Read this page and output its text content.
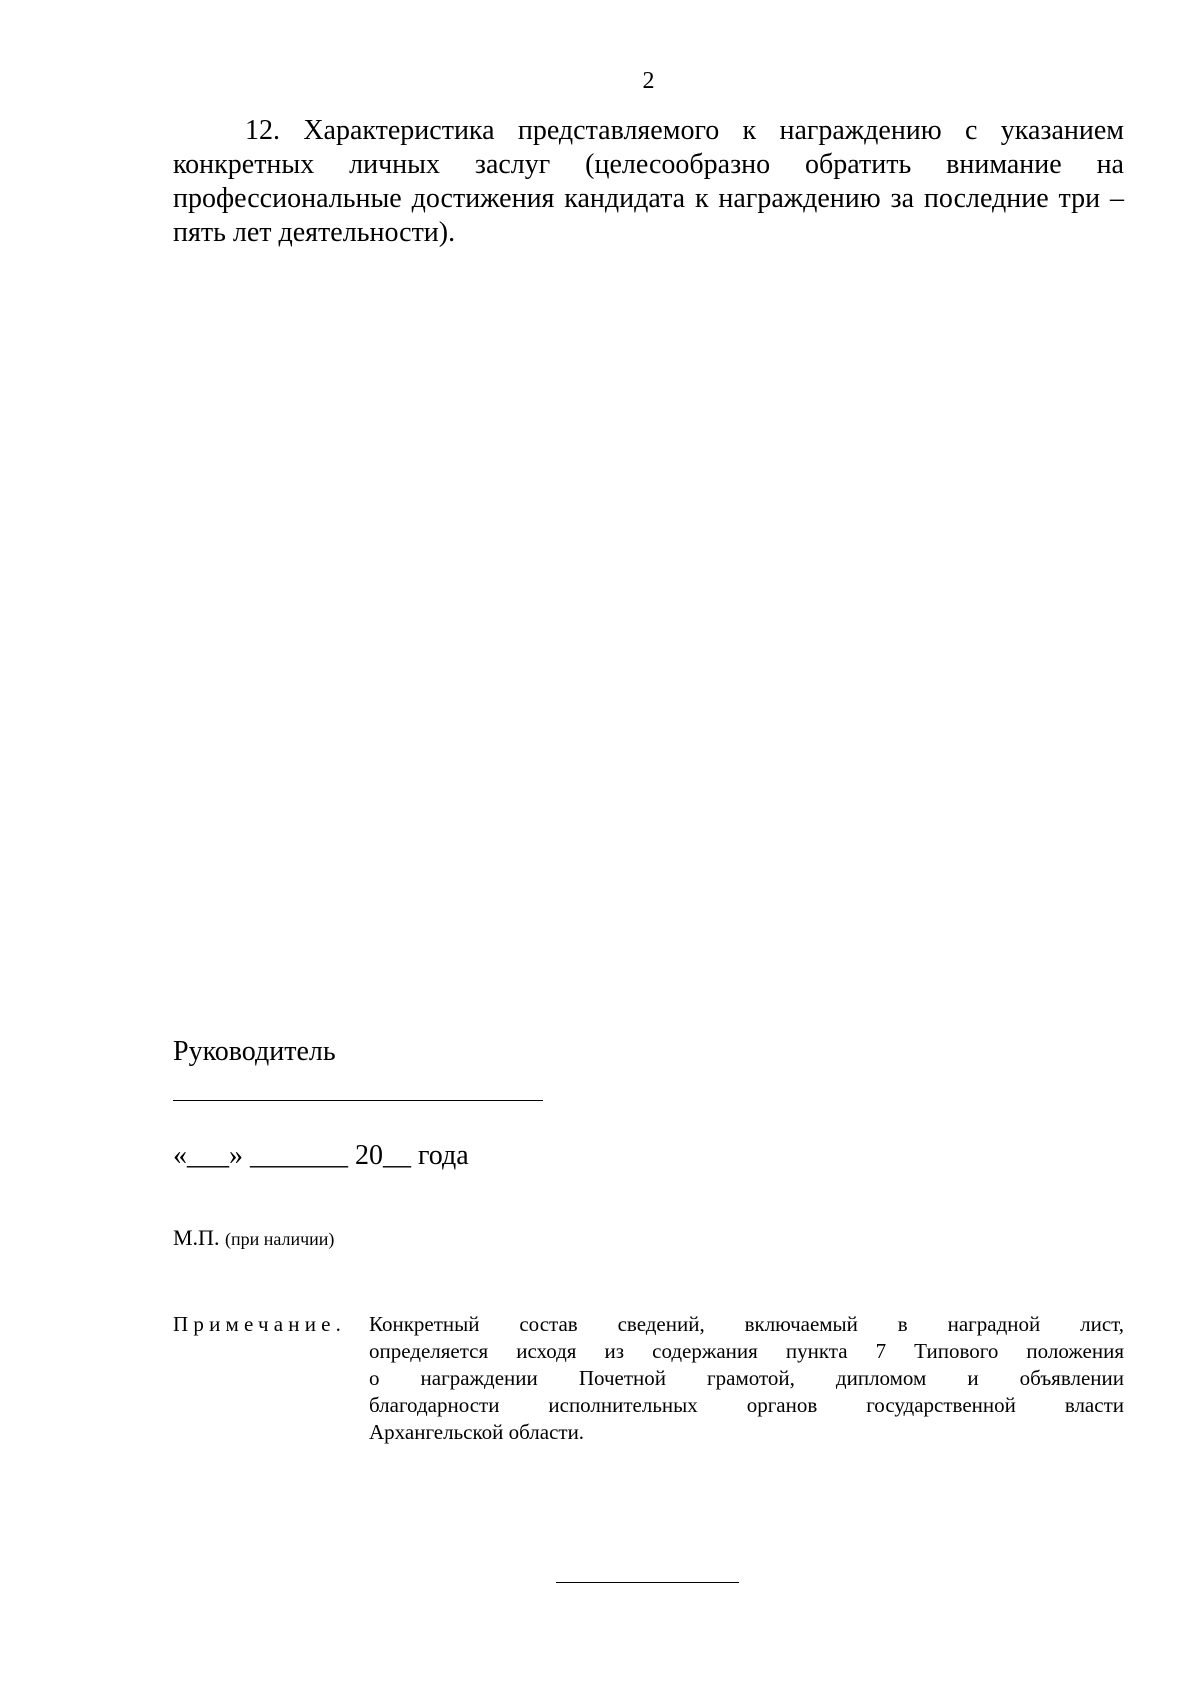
2
12. Характеристика представляемого к награждению с указанием
конкретных личных заслуг (целесообразно обратить внимание на
профессиональные достижения кандидата к награждению за последние три –
пять лет деятельности).
Руководитель
«___» _______ 20__ года
М.П. (при наличии)
Примечание. Конкретный состав сведений, включаемый в наградной лист,
определяется исходя из содержания пункта 7 Типового положения
о награждении Почетной грамотой, дипломом и объявлении
благодарности исполнительных органов государственной власти
Архангельской области.
